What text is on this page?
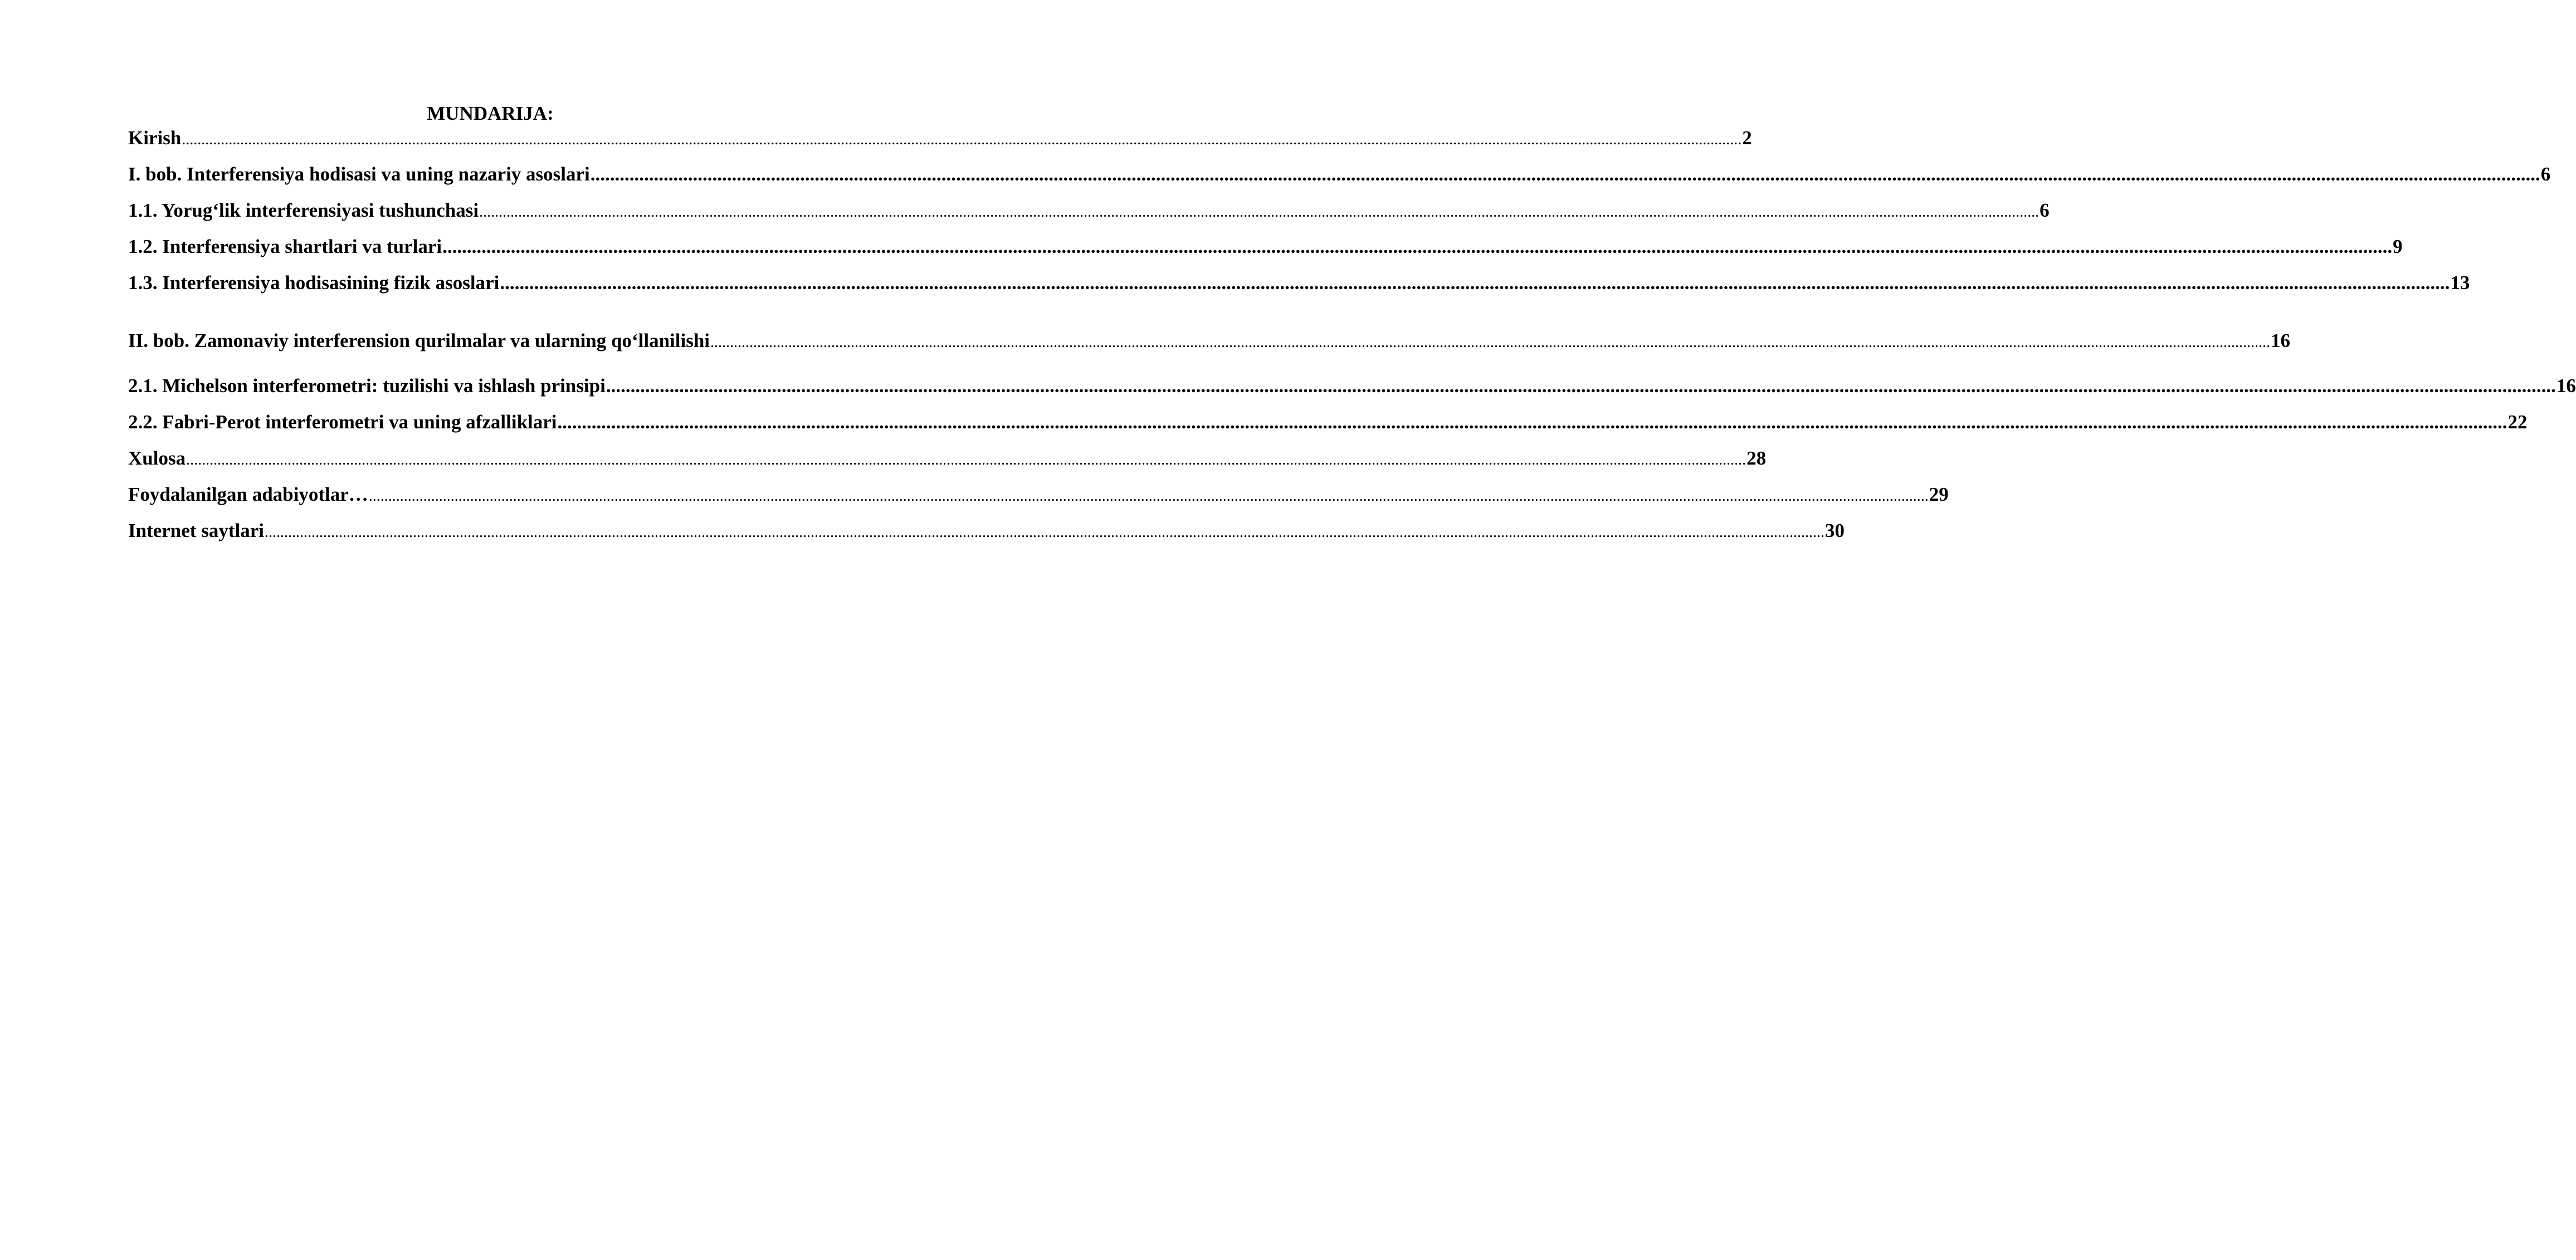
MUNDARIJA:
Kirish ................................................................................................................................................................................................................................................................................................................................................................................................................ 2
I. bob. Interferensiya hodisasi va uning nazariy asoslari ................................................................................................................................................................................................................................................................................................................................................................................................................ 6
1.1. Yorug‘lik interferensiyasi tushunchasi ................................................................................................................................................................................................................................................................................................................................................................................................................ 6
1.2. Interferensiya shartlari va turlari ................................................................................................................................................................................................................................................................................................................................................................................................................ 9
1.3. Interferensiya hodisasining fizik asoslari ................................................................................................................................................................................................................................................................................................................................................................................................................ 13
II. bob. Zamonaviy interferension qurilmalar va ularning qo‘llanilishi ................................................................................................................................................................................................................................................................................................................................................................................................................ 16
2.1. Michelson interferometri: tuzilishi va ishlash prinsipi ................................................................................................................................................................................................................................................................................................................................................................................................................ 16
2.2. Fabri-Perot interferometri va uning afzalliklari ................................................................................................................................................................................................................................................................................................................................................................................................................ 22
Xulosa ................................................................................................................................................................................................................................................................................................................................................................................................................ 28
Foydalanilgan adabiyotlar… ................................................................................................................................................................................................................................................................................................................................................................................................................ 29
Internet saytlari ................................................................................................................................................................................................................................................................................................................................................................................................................ 30
